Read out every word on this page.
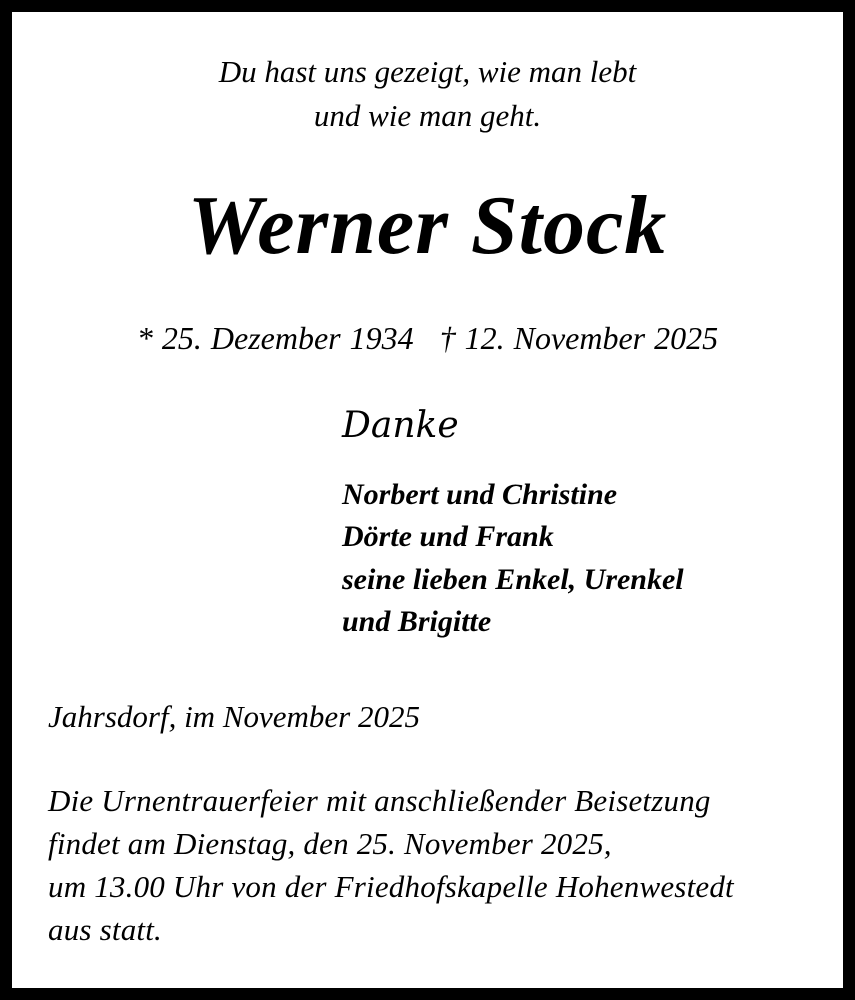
Du hast uns gezeigt, wie man lebt
und wie man geht.
Werner Stock
* 25. Dezember 1934 † 12. November 2025
Danke
Norbert und Christine
Dörte und Frank
seine lieben Enkel, Urenkel
und Brigitte
Jahrsdorf, im November 2025
Die Urnentrauerfeier mit anschließender Beisetzung
findet am Dienstag, den 25. November 2025,
um 13.00 Uhr von der Friedhofskapelle Hohenwestedt
aus statt.
